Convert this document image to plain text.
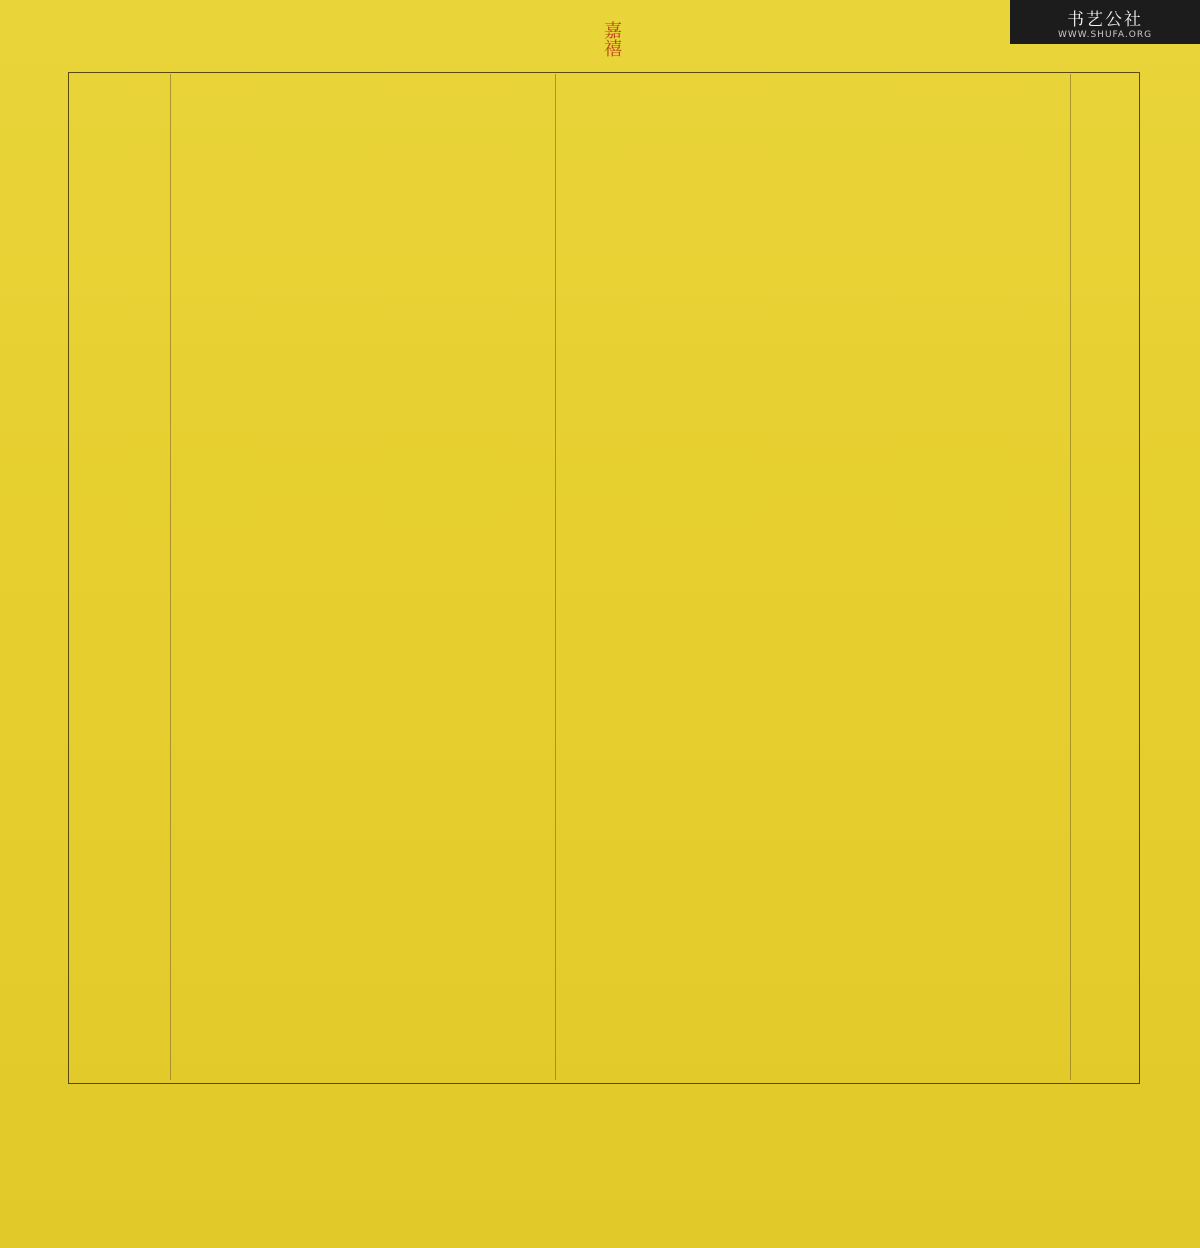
嘉禧
书艺公社
WWW.SHUFA.ORG
